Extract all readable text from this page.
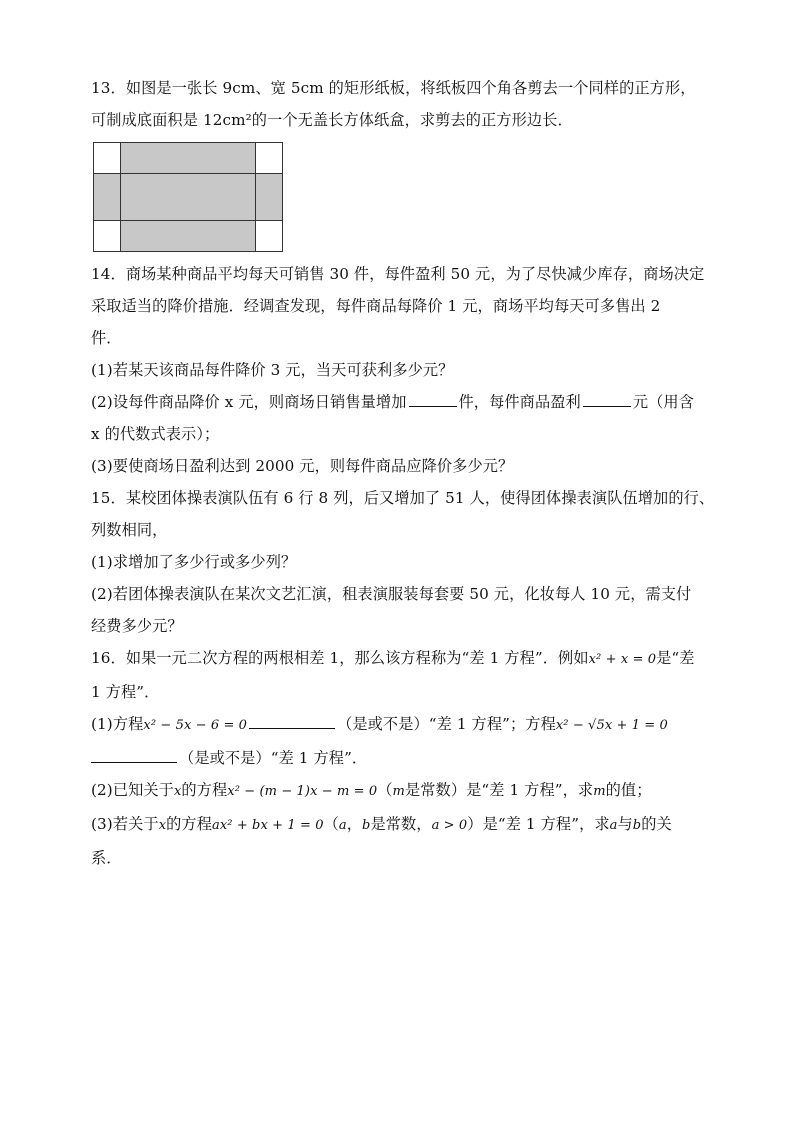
13．如图是一张长 9cm、宽 5cm 的矩形纸板，将纸板四个角各剪去一个同样的正方形，
可制成底面积是 12cm²的一个无盖长方体纸盒，求剪去的正方形边长．
14．商场某种商品平均每天可销售 30 件，每件盈利 50 元，为了尽快减少库存，商场决定
采取适当的降价措施．经调查发现，每件商品每降价 1 元，商场平均每天可多售出 2
件．
(1)若某天该商品每件降价 3 元，当天可获利多少元？
(2)设每件商品降价 x 元，则商场日销售量增加	件，每件商品盈利	元（用含
x 的代数式表示）；
(3)要使商场日盈利达到 2000 元，则每件商品应降价多少元？
15．某校团体操表演队伍有 6 行 8 列，后又增加了 51 人，使得团体操表演队伍增加的行、
列数相同，
(1)求增加了多少行或多少列？
(2)若团体操表演队在某次文艺汇演，租表演服装每套要 50 元，化妆每人 10 元，需支付
经费多少元？
16．如果一元二次方程的两根相差 1，那么该方程称为“差 1 方程”．例如x² + x = 0是“差
1 方程”．
(1)方程x² − 5x − 6 = 0	（是或不是）“差 1 方程”；方程x² − √5x + 1 = 0
（是或不是）“差 1 方程”．
(2)已知关于x的方程x² − (m − 1)x − m = 0（m是常数）是“差 1 方程”，求m的值；
(3)若关于x的方程ax² + bx + 1 = 0（a，b是常数，a > 0）是“差 1 方程”，求a与b的关
系．
